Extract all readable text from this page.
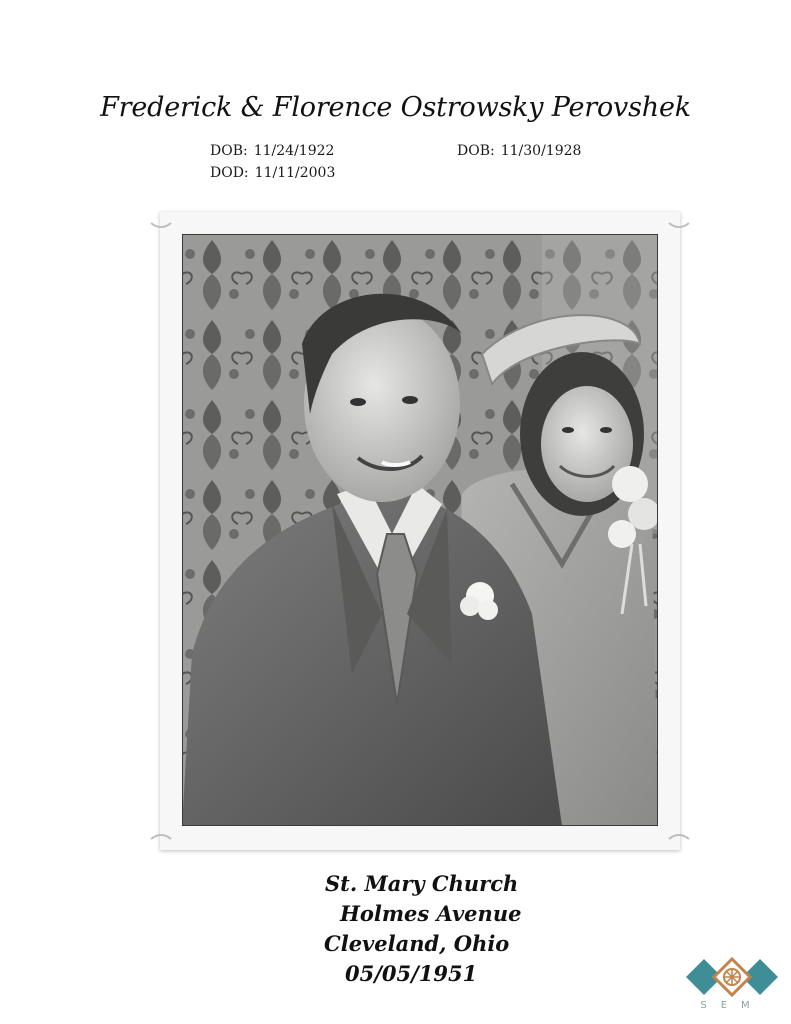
Frederick & Florence Ostrowsky Perovshek
DOB: 11/24/1922
DOD: 11/11/2003
DOB: 11/30/1928
St. Mary Church
Holmes Avenue
Cleveland, Ohio
05/05/1951
SEM
